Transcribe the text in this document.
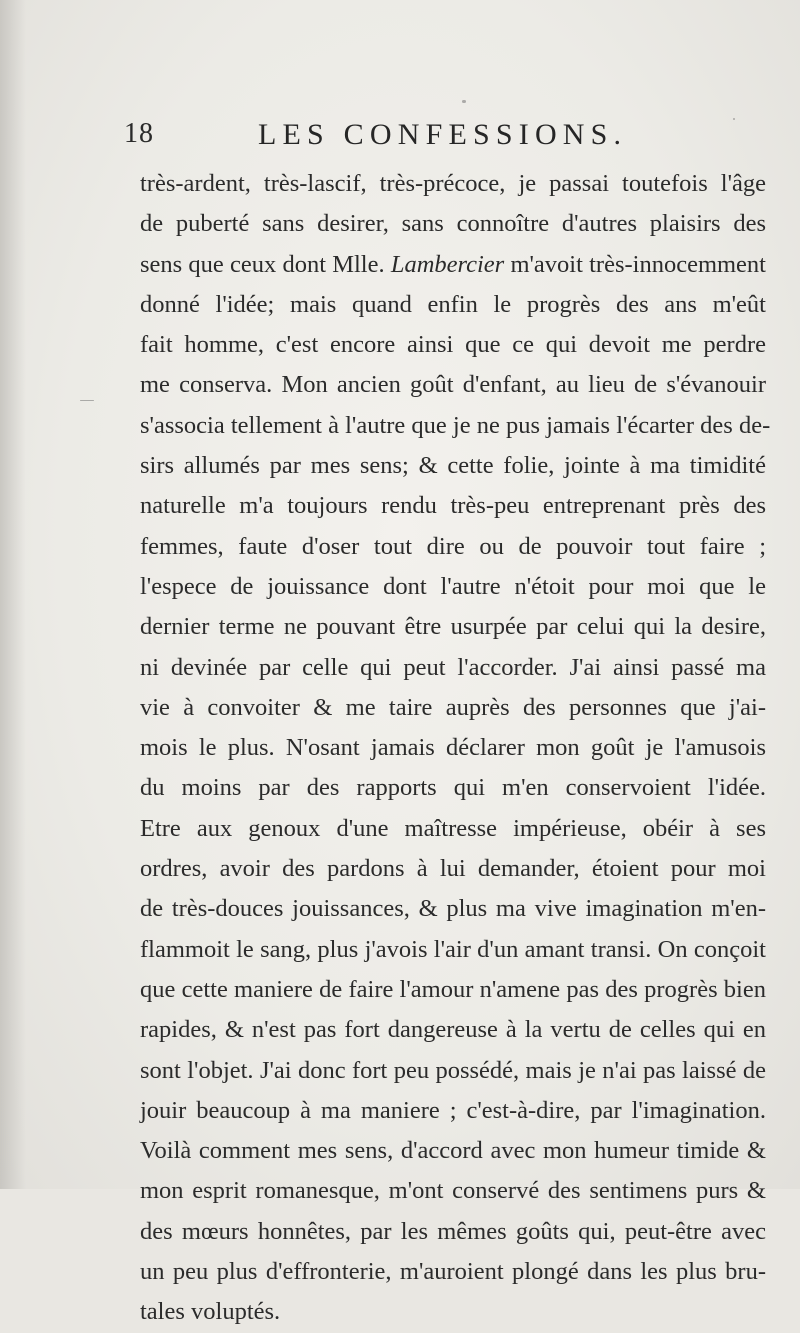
18	LES CONFESSIONS.
très-ardent, très-lascif, très-précoce, je passai toutefois l'âge
de puberté sans desirer, sans connoître d'autres plaisirs des
sens que ceux dont Mlle. Lambercier m'avoit très-innocemment
donné l'idée; mais quand enfin le progrès des ans m'eût
fait homme, c'est encore ainsi que ce qui devoit me perdre
me conserva. Mon ancien goût d'enfant, au lieu de s'évanouir
s'associa tellement à l'autre que je ne pus jamais l'écarter des de-
sirs allumés par mes sens; & cette folie, jointe à ma timidité
naturelle m'a toujours rendu très-peu entreprenant près des
femmes, faute d'oser tout dire ou de pouvoir tout faire ;
l'espece de jouissance dont l'autre n'étoit pour moi que le
dernier terme ne pouvant être usurpée par celui qui la desire,
ni devinée par celle qui peut l'accorder. J'ai ainsi passé ma
vie à convoiter & me taire auprès des personnes que j'ai-
mois le plus. N'osant jamais déclarer mon goût je l'amusois
du moins par des rapports qui m'en conservoient l'idée.
Etre aux genoux d'une maîtresse impérieuse, obéir à ses
ordres, avoir des pardons à lui demander, étoient pour moi
de très-douces jouissances, & plus ma vive imagination m'en-
flammoit le sang, plus j'avois l'air d'un amant transi. On conçoit
que cette maniere de faire l'amour n'amene pas des progrès bien
rapides, & n'est pas fort dangereuse à la vertu de celles qui en
sont l'objet. J'ai donc fort peu possédé, mais je n'ai pas laissé de
jouir beaucoup à ma maniere ; c'est-à-dire, par l'imagination.
Voilà comment mes sens, d'accord avec mon humeur timide &
mon esprit romanesque, m'ont conservé des sentimens purs &
des mœurs honnêtes, par les mêmes goûts qui, peut-être avec
un peu plus d'effronterie, m'auroient plongé dans les plus bru-
tales voluptés.
